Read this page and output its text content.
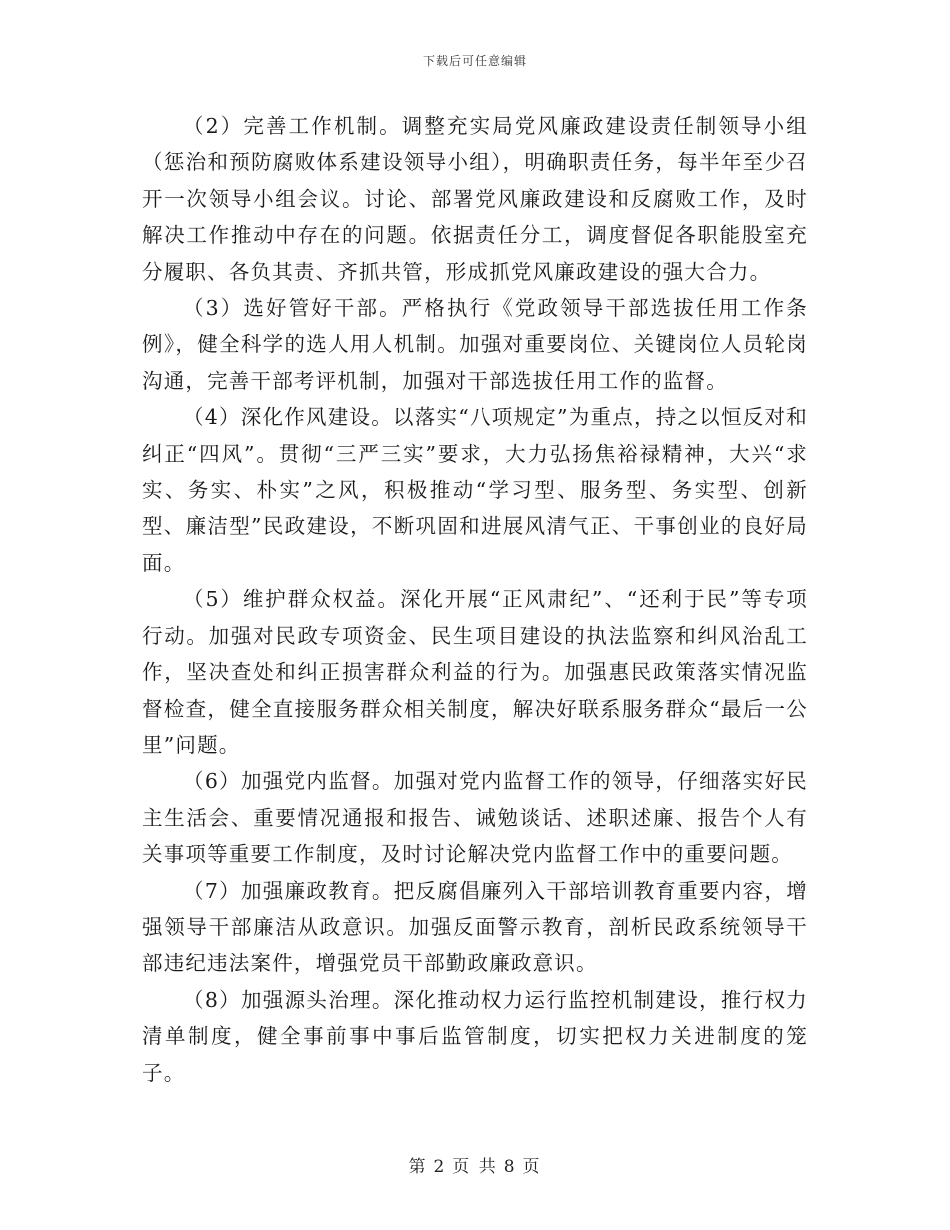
下载后可任意编辑

（2）完善工作机制。调整充实局党风廉政建设责任制领导小组（惩治和预防腐败体系建设领导小组），明确职责任务，每半年至少召开一次领导小组会议。讨论、部署党风廉政建设和反腐败工作，及时解决工作推动中存在的问题。依据责任分工，调度督促各职能股室充分履职、各负其责、齐抓共管，形成抓党风廉政建设的强大合力。

（3）选好管好干部。严格执行《党政领导干部选拔任用工作条例》，健全科学的选人用人机制。加强对重要岗位、关键岗位人员轮岗沟通，完善干部考评机制，加强对干部选拔任用工作的监督。

（4）深化作风建设。以落实“八项规定”为重点，持之以恒反对和纠正“四风”。贯彻“三严三实”要求，大力弘扬焦裕禄精神，大兴“求实、务实、朴实”之风，积极推动“学习型、服务型、务实型、创新型、廉洁型”民政建设，不断巩固和进展风清气正、干事创业的良好局面。

（5）维护群众权益。深化开展“正风肃纪”、“还利于民”等专项行动。加强对民政专项资金、民生项目建设的执法监察和纠风治乱工作，坚决查处和纠正损害群众利益的行为。加强惠民政策落实情况监督检查，健全直接服务群众相关制度，解决好联系服务群众“最后一公里”问题。

（6）加强党内监督。加强对党内监督工作的领导，仔细落实好民主生活会、重要情况通报和报告、诫勉谈话、述职述廉、报告个人有关事项等重要工作制度，及时讨论解决党内监督工作中的重要问题。

（7）加强廉政教育。把反腐倡廉列入干部培训教育重要内容，增强领导干部廉洁从政意识。加强反面警示教育，剖析民政系统领导干部违纪违法案件，增强党员干部勤政廉政意识。

（8）加强源头治理。深化推动权力运行监控机制建设，推行权力清单制度，健全事前事中事后监管制度，切实把权力关进制度的笼子。

第 2 页 共 8 页
